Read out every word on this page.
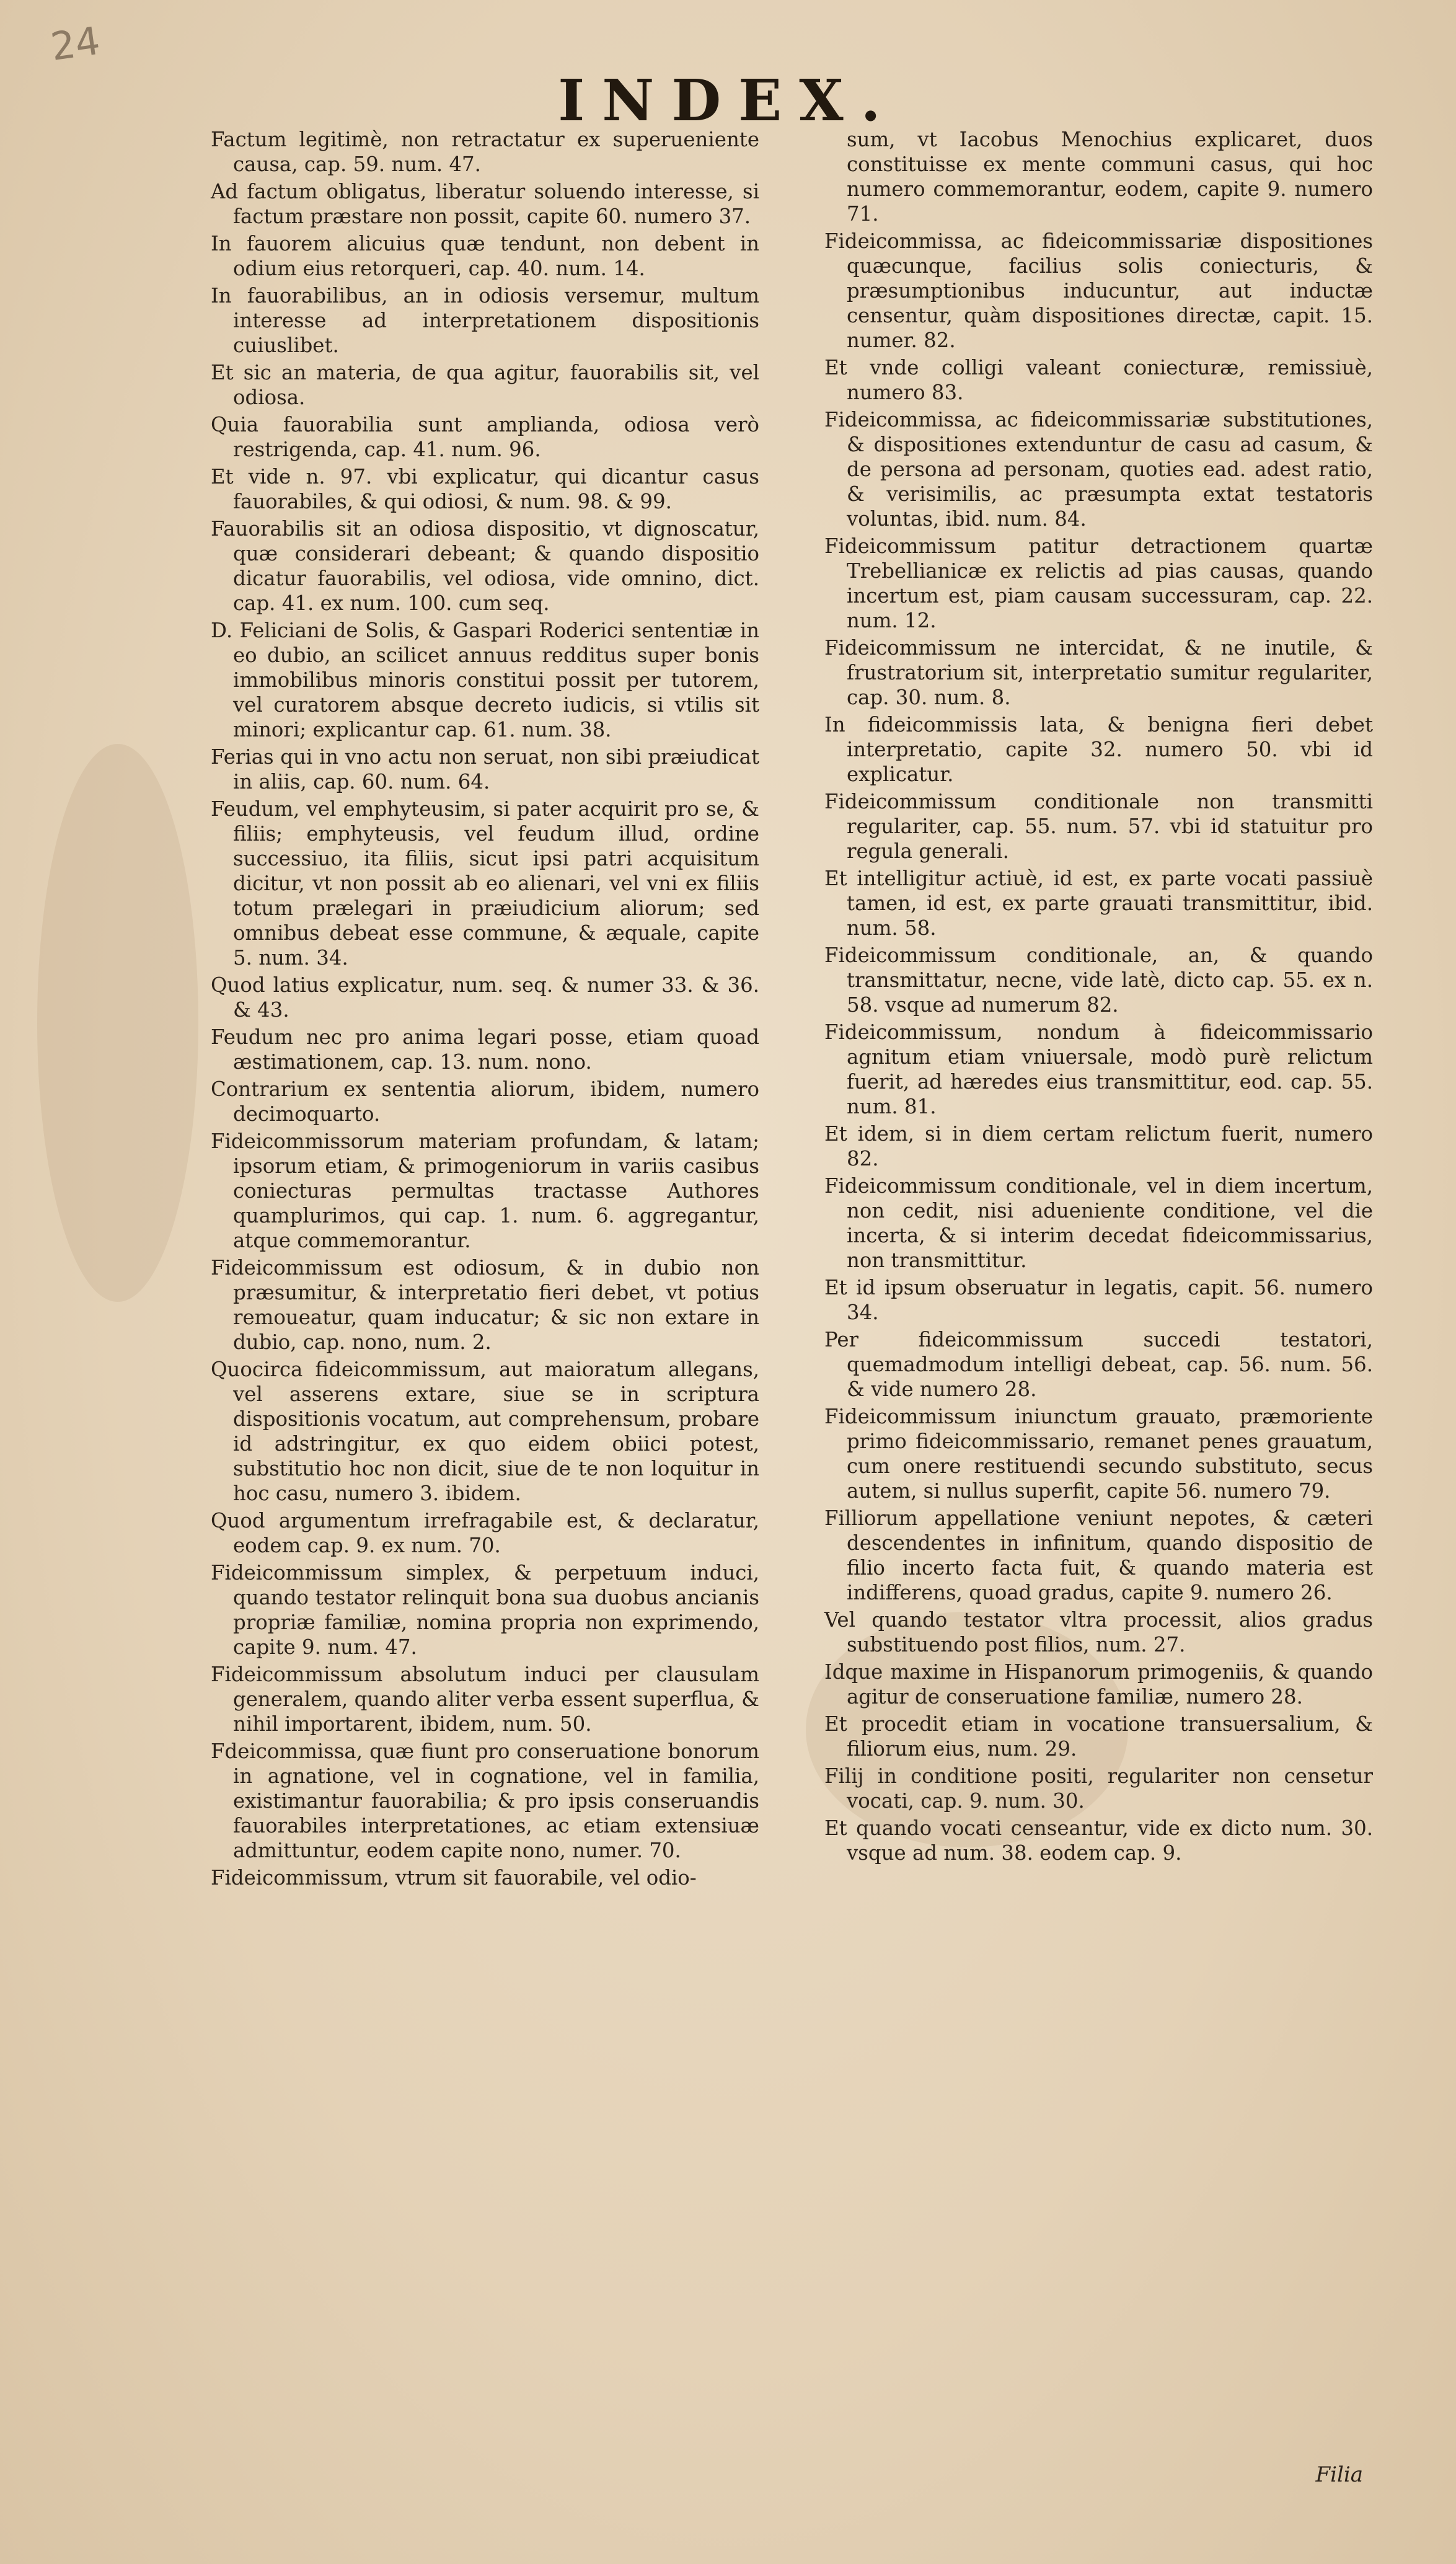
24
INDEX.

Factum legitimè, non retractatur ex superueniente causa, cap. 59. num. 47.

Ad factum obligatus, liberatur soluendo interesse, si factum præstare non possit, capite 60. numero 37.

In fauorem alicuius quæ tendunt, non debent in odium eius retorqueri, cap. 40. num. 14.

In fauorabilibus, an in odiosis versemur, multum interesse ad interpretationem dispositionis cuiuslibet.

Et sic an materia, de qua agitur, fauorabilis sit, vel odiosa.

Quia fauorabilia sunt amplianda, odiosa verò restrigenda, cap. 41. num. 96.

Et vide n. 97. vbi explicatur, qui dicantur casus fauorabiles, & qui odiosi, & num. 98. & 99.

Fauorabilis sit an odiosa dispositio, vt dignoscatur, quæ considerari debeant; & quando dispositio dicatur fauorabilis, vel odiosa, vide omnino, dict. cap. 41. ex num. 100. cum seq.

D. Feliciani de Solis, & Gaspari Roderici sententiæ in eo dubio, an scilicet annuus redditus super bonis immobilibus minoris constitui possit per tutorem, vel curatorem absque decreto iudicis, si vtilis sit minori; explicantur cap. 61. num. 38.

Ferias qui in vno actu non seruat, non sibi præiudicat in aliis, cap. 60. num. 64.

Feudum, vel emphyteusim, si pater acquirit pro se, & filiis; emphyteusis, vel feudum illud, ordine successiuo, ita filiis, sicut ipsi patri acquisitum dicitur, vt non possit ab eo alienari, vel vni ex filiis totum prælegari in præiudicium aliorum; sed omnibus debeat esse commune, & æquale, capite 5. num. 34.

Quod latius explicatur, num. seq. & numer 33. & 36. & 43.

Feudum nec pro anima legari posse, etiam quoad æstimationem, cap. 13. num. nono.

Contrarium ex sententia aliorum, ibidem, numero decimoquarto.

Fideicommissorum materiam profundam, & latam; ipsorum etiam, & primogeniorum in variis casibus coniecturas permultas tractasse Authores quamplurimos, qui cap. 1. num. 6. aggregantur, atque commemorantur.

Fideicommissum est odiosum, & in dubio non præsumitur, & interpretatio fieri debet, vt potius remoueatur, quam inducatur; & sic non extare in dubio, cap. nono, num. 2.

Quocirca fideicommissum, aut maioratum allegans, vel asserens extare, siue se in scriptura dispositionis vocatum, aut comprehensum, probare id adstringitur, ex quo eidem obiici potest, substitutio hoc non dicit, siue de te non loquitur in hoc casu, numero 3. ibidem.

Quod argumentum irrefragabile est, & declaratur, eodem cap. 9. ex num. 70.

Fideicommissum simplex, & perpetuum induci, quando testator relinquit bona sua duobus ancianis propriæ familiæ, nomina propria non exprimendo, capite 9. num. 47.

Fideicommissum absolutum induci per clausulam generalem, quando aliter verba essent superflua, & nihil importarent, ibidem, num. 50.

Fdeicommissa, quæ fiunt pro conseruatione bonorum in agnatione, vel in cognatione, vel in familia, existimantur fauorabilia; & pro ipsis conseruandis fauorabiles interpretationes, ac etiam extensiuæ admittuntur, eodem capite nono, numer. 70.

Fideicommissum, vtrum sit fauorabile, vel odio-

sum, vt Iacobus Menochius explicaret, duos constituisse ex mente communi casus, qui hoc numero commemorantur, eodem, capite 9. numero 71.

Fideicommissa, ac fideicommissariæ dispositiones quæcunque, facilius solis coniecturis, & præsumptionibus inducuntur, aut inductæ censentur, quàm dispositiones directæ, capit. 15. numer. 82.

Et vnde colligi valeant coniecturæ, remissiuè, numero 83.

Fideicommissa, ac fideicommissariæ substitutiones, & dispositiones extenduntur de casu ad casum, & de persona ad personam, quoties ead. adest ratio, & verisimilis, ac præsumpta extat testatoris voluntas, ibid. num. 84.

Fideicommissum patitur detractionem quartæ Trebellianicæ ex relictis ad pias causas, quando incertum est, piam causam successuram, cap. 22. num. 12.

Fideicommissum ne intercidat, & ne inutile, & frustratorium sit, interpretatio sumitur regulariter, cap. 30. num. 8.

In fideicommissis lata, & benigna fieri debet interpretatio, capite 32. numero 50. vbi id explicatur.

Fideicommissum conditionale non transmitti regulariter, cap. 55. num. 57. vbi id statuitur pro regula generali.

Et intelligitur actiuè, id est, ex parte vocati passiuè tamen, id est, ex parte grauati transmittitur, ibid. num. 58.

Fideicommissum conditionale, an, & quando transmittatur, necne, vide latè, dicto cap. 55. ex n. 58. vsque ad numerum 82.

Fideicommissum, nondum à fideicommissario agnitum etiam vniuersale, modò purè relictum fuerit, ad hæredes eius transmittitur, eod. cap. 55. num. 81.

Et idem, si in diem certam relictum fuerit, numero 82.

Fideicommissum conditionale, vel in diem incertum, non cedit, nisi adueniente conditione, vel die incerta, & si interim decedat fideicommissarius, non transmittitur.

Et id ipsum obseruatur in legatis, capit. 56. numero 34.

Per fideicommissum succedi testatori, quemadmodum intelligi debeat, cap. 56. num. 56. & vide numero 28.

Fideicommissum iniunctum grauato, præmoriente primo fideicommissario, remanet penes grauatum, cum onere restituendi secundo substituto, secus autem, si nullus superfit, capite 56. numero 79.

Filliorum appellatione veniunt nepotes, & cæteri descendentes in infinitum, quando dispositio de filio incerto facta fuit, & quando materia est indifferens, quoad gradus, capite 9. numero 26.

Vel quando testator vltra processit, alios gradus substituendo post filios, num. 27.

Idque maxime in Hispanorum primogeniis, & quando agitur de conseruatione familiæ, numero 28.

Et procedit etiam in vocatione transuersalium, & filiorum eius, num. 29.

Filij in conditione positi, regulariter non censetur vocati, cap. 9. num. 30.

Et quando vocati censeantur, vide ex dicto num. 30. vsque ad num. 38. eodem cap. 9.

Filia
